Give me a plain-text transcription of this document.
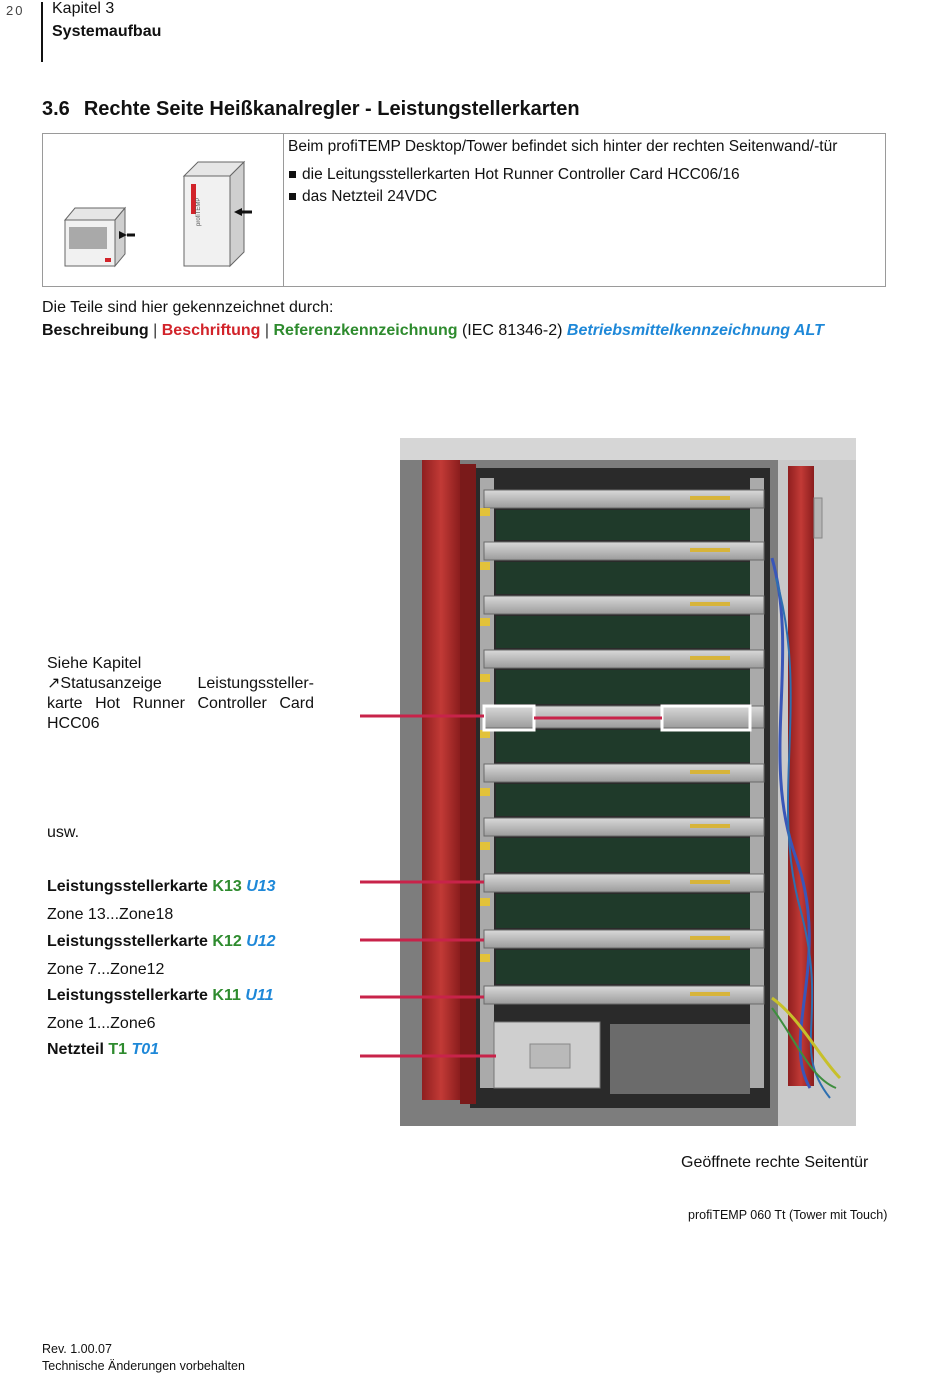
20 Kapitel 3
Systemaufbau
3.6 Rechte Seite Heißkanalregler - Leistungstellerkarten
profiTEMP

Beim profiTEMP Desktop/Tower befindet sich hinter der rechten Seitenwand/-tür

die Leitungsstellerkarten Hot Runner Controller Card HCC06/16
das Netzteil 24VDC
Die Teile sind hier gekennzeichnet durch:
Beschreibung | Beschriftung | Referenzkennzeichnung (IEC 81346-2) Betriebsmittelkennzeichnung ALT
Siehe Kapitel
↗Statusanzeige Leistungssteller-karte Hot Runner Controller Card HCC06
usw.
Leistungsstellerkarte K13 U13
Zone 13...Zone18
Leistungsstellerkarte K12 U12
Zone 7...Zone12
Leistungsstellerkarte K11 U11
Zone 1...Zone6
Netzteil T1 T01
Geöffnete rechte Seitentür
profiTEMP 060 Tt (Tower mit Touch)
Rev. 1.00.07
Technische Änderungen vorbehalten
